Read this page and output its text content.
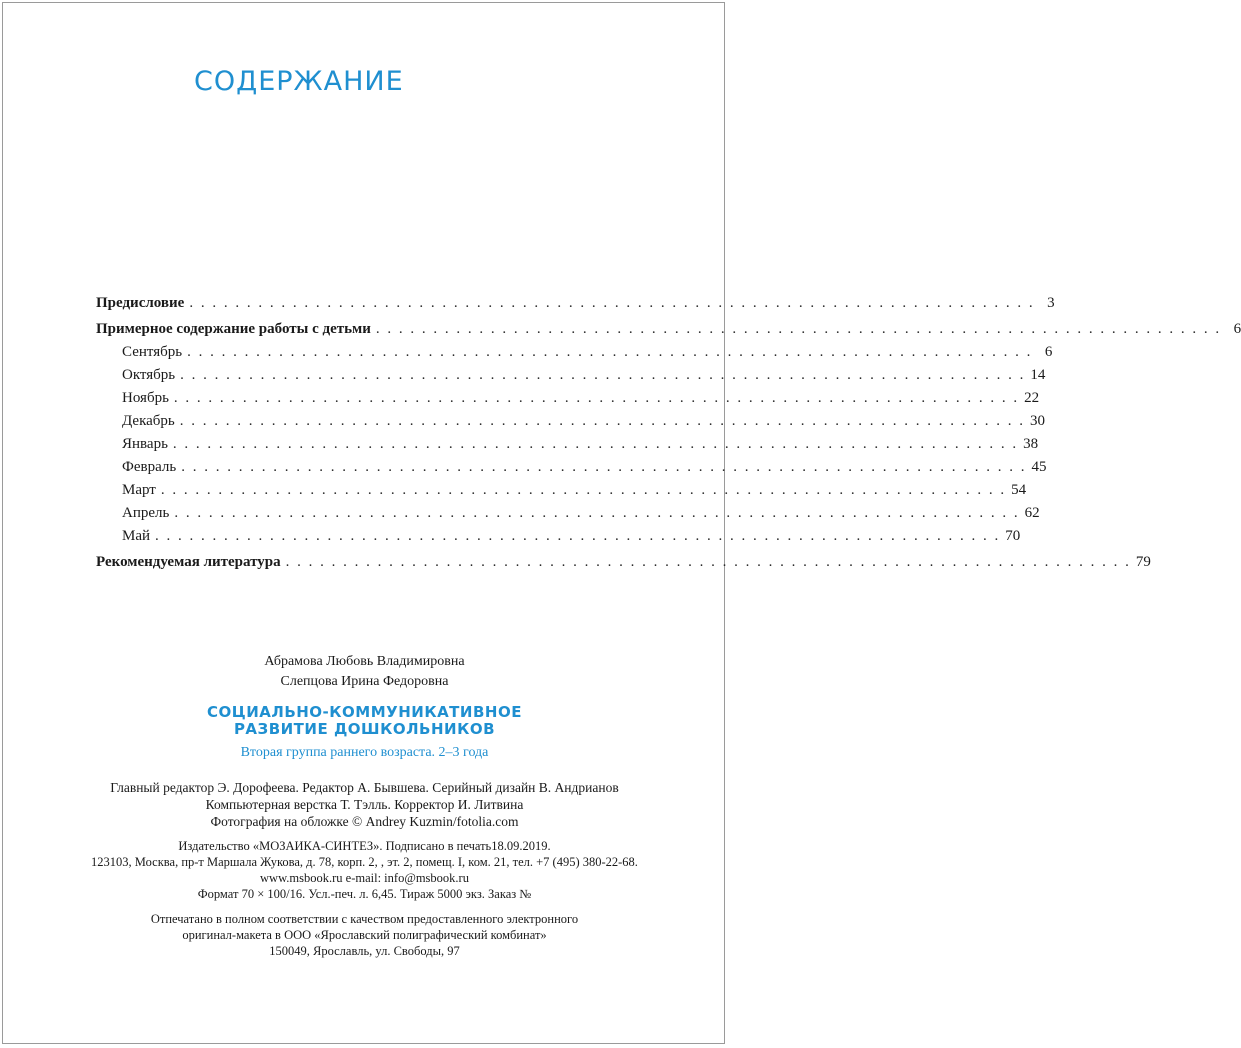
СОДЕРЖАНИЕ
Предисловие . . . . . . . . . . . . . . . . . . . . . . . . . . . . . . . . . . . . . . . . . . . . . . . . . . . . . . . . . . . . . . . . . . . . . . . . . . 3
Примерное содержание работы с детьми . . . . . . . . . . . . . . . . . . . . . . . . . . . . . . . . . . . . . . . . . . . . . . . . . . . . . . . . . . . . . . . . . . . . . . . . . . 6
Сентябрь . . . . . . . . . . . . . . . . . . . . . . . . . . . . . . . . . . . . . . . . . . . . . . . . . . . . . . . . . . . . . . . . . . . . . . . . . . 6
Октябрь . . . . . . . . . . . . . . . . . . . . . . . . . . . . . . . . . . . . . . . . . . . . . . . . . . . . . . . . . . . . . . . . . . . . . . . . . . 14
Ноябрь . . . . . . . . . . . . . . . . . . . . . . . . . . . . . . . . . . . . . . . . . . . . . . . . . . . . . . . . . . . . . . . . . . . . . . . . . . 22
Декабрь . . . . . . . . . . . . . . . . . . . . . . . . . . . . . . . . . . . . . . . . . . . . . . . . . . . . . . . . . . . . . . . . . . . . . . . . . . 30
Январь . . . . . . . . . . . . . . . . . . . . . . . . . . . . . . . . . . . . . . . . . . . . . . . . . . . . . . . . . . . . . . . . . . . . . . . . . . 38
Февраль . . . . . . . . . . . . . . . . . . . . . . . . . . . . . . . . . . . . . . . . . . . . . . . . . . . . . . . . . . . . . . . . . . . . . . . . . . 45
Март . . . . . . . . . . . . . . . . . . . . . . . . . . . . . . . . . . . . . . . . . . . . . . . . . . . . . . . . . . . . . . . . . . . . . . . . . . 54
Апрель . . . . . . . . . . . . . . . . . . . . . . . . . . . . . . . . . . . . . . . . . . . . . . . . . . . . . . . . . . . . . . . . . . . . . . . . . . 62
Май . . . . . . . . . . . . . . . . . . . . . . . . . . . . . . . . . . . . . . . . . . . . . . . . . . . . . . . . . . . . . . . . . . . . . . . . . . 70
Рекомендуемая литература . . . . . . . . . . . . . . . . . . . . . . . . . . . . . . . . . . . . . . . . . . . . . . . . . . . . . . . . . . . . . . . . . . . . . . . . . . 79
Абрамова Любовь Владимировна
Слепцова Ирина Федоровна
СОЦИАЛЬНО-КОММУНИКАТИВНОЕ
РАЗВИТИЕ ДОШКОЛЬНИКОВ
Вторая группа раннего возраста. 2–3 года
Главный редактор Э. Дорофеева. Редактор А. Бывшева. Серийный дизайн В. Андрианов
Компьютерная верстка Т. Тэлль. Корректор И. Литвина
Фотография на обложке © Andrey Kuzmin/fotolia.com
Издательство «МОЗАИКА-СИНТЕЗ». Подписано в печать18.09.2019.
123103, Москва, пр-т Маршала Жукова, д. 78, корп. 2, , эт. 2, помещ. I, ком. 21, тел. +7 (495) 380-22-68.
www.msbook.ru e-mail: info@msbook.ru
Формат 70 × 100/16. Усл.-печ. л. 6,45. Тираж 5000 экз. Заказ №
Отпечатано в полном соответствии с качеством предоставленного электронного
оригинал-макета в ООО «Ярославский полиграфический комбинат»
150049, Ярославль, ул. Свободы, 97
